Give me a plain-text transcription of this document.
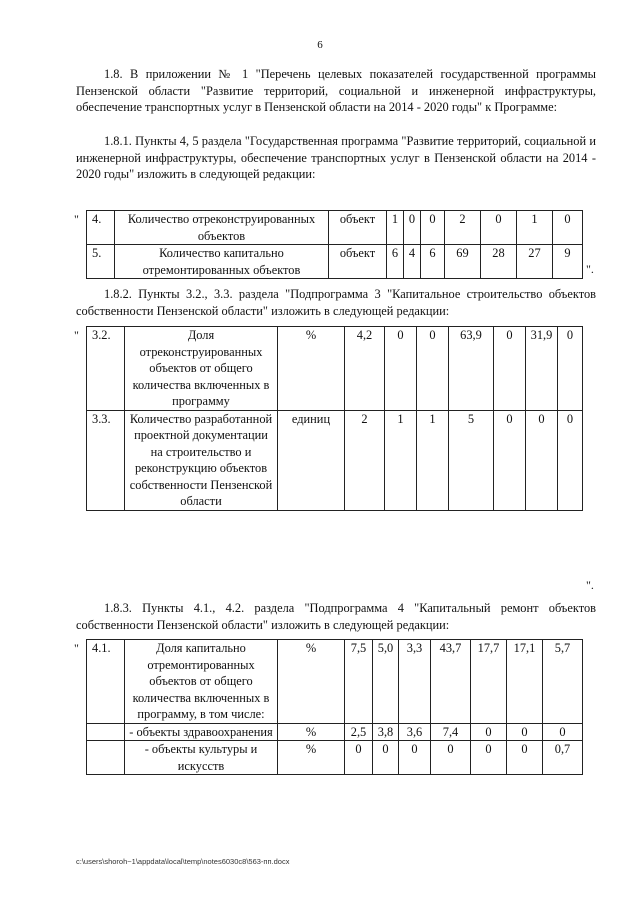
6

1.8. В приложении № 1 "Перечень целевых показателей государственной программы Пензенской области "Развитие территорий, социальной и инженерной инфраструктуры, обеспечение транспортных услуг в Пензенской области на 2014 - 2020 годы" к Программе:

1.8.1. Пункты 4, 5 раздела "Государственная программа "Развитие территорий, социальной и инженерной инфраструктуры, обеспечение транспортных услуг в Пензенской области на 2014 - 2020 годы" изложить в следующей редакции:

" 4.	Количество отреконструированных объектов	объект	1	0	0	2	0	1	0
5.	Количество капитально отремонтированных объектов	объект	6	4	6	69	28	27	9
".

1.8.2. Пункты 3.2., 3.3. раздела "Подпрограмма 3 "Капитальное строительство объектов собственности Пензенской области" изложить в следующей редакции:

" 3.2.	Доля отреконструированных объектов от общего количества включенных в программу	%	4,2	0	0	63,9	0	31,9	0
3.3.	Количество разработанной проектной документации на строительство и реконструкцию объектов собственности Пензенской области	единиц	2	1	1	5	0	0	0
".

1.8.3. Пункты 4.1., 4.2. раздела "Подпрограмма 4 "Капитальный ремонт объектов собственности Пензенской области" изложить в следующей редакции:

" 4.1.	Доля капитально отремонтированных объектов от общего количества включенных в программу, в том числе:	%	7,5	5,0	3,3	43,7	17,7	17,1	5,7
	- объекты здравоохранения	%	2,5	3,8	3,6	7,4	0	0	0
	- объекты культуры и искусств	%	0	0	0	0	0	0	0,7
c:\users\shoroh~1\appdata\local\temp\notes6030c8\563-пп.docx
